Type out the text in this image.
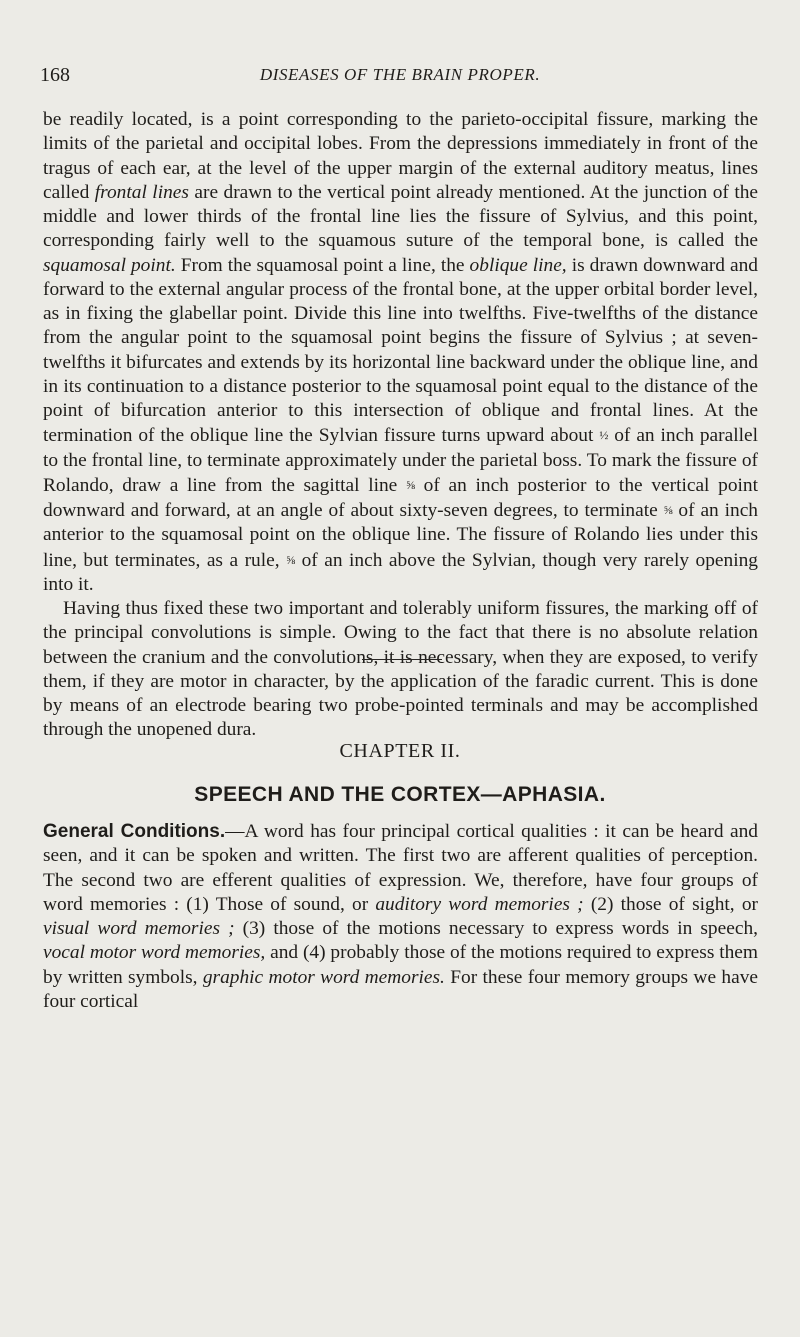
168	DISEASES OF THE BRAIN PROPER.

be readily located, is a point corresponding to the parieto-occipital fissure, marking the limits of the parietal and occipital lobes. From the depressions immediately in front of the tragus of each ear, at the level of the upper margin of the external auditory meatus, lines called frontal lines are drawn to the vertical point already mentioned. At the junction of the middle and lower thirds of the frontal line lies the fissure of Sylvius, and this point, corresponding fairly well to the squamous suture of the temporal bone, is called the squamosal point. From the squamosal point a line, the oblique line, is drawn downward and forward to the external angular process of the frontal bone, at the upper orbital border level, as in fixing the glabellar point. Divide this line into twelfths. Five-twelfths of the distance from the angular point to the squamosal point begins the fissure of Sylvius ; at seven-twelfths it bifurcates and extends by its horizontal line backward under the oblique line, and in its continuation to a distance posterior to the squamosal point equal to the distance of the point of bifurcation anterior to this intersection of oblique and frontal lines. At the termination of the oblique line the Sylvian fissure turns upward about ½ of an inch parallel to the frontal line, to terminate approximately under the parietal boss. To mark the fissure of Rolando, draw a line from the sagittal line ⅝ of an inch posterior to the vertical point downward and forward, at an angle of about sixty-seven degrees, to terminate ⅝ of an inch anterior to the squamosal point on the oblique line. The fissure of Rolando lies under this line, but terminates, as a rule, ⅝ of an inch above the Sylvian, though very rarely opening into it.

Having thus fixed these two important and tolerably uniform fissures, the marking off of the principal convolutions is simple. Owing to the fact that there is no absolute relation between the cranium and the convolutions, it is necessary, when they are exposed, to verify them, if they are motor in character, by the application of the faradic current. This is done by means of an electrode bearing two probe-pointed terminals and may be accomplished through the unopened dura.

CHAPTER II.
SPEECH AND THE CORTEX—APHASIA.

General Conditions.—A word has four principal cortical qualities : it can be heard and seen, and it can be spoken and written. The first two are afferent qualities of perception. The second two are efferent qualities of expression. We, therefore, have four groups of word memories : (1) Those of sound, or auditory word memories ; (2) those of sight, or visual word memories ; (3) those of the motions necessary to express words in speech, vocal motor word memories, and (4) probably those of the motions required to express them by written symbols, graphic motor word memories. For these four memory groups we have four cortical
